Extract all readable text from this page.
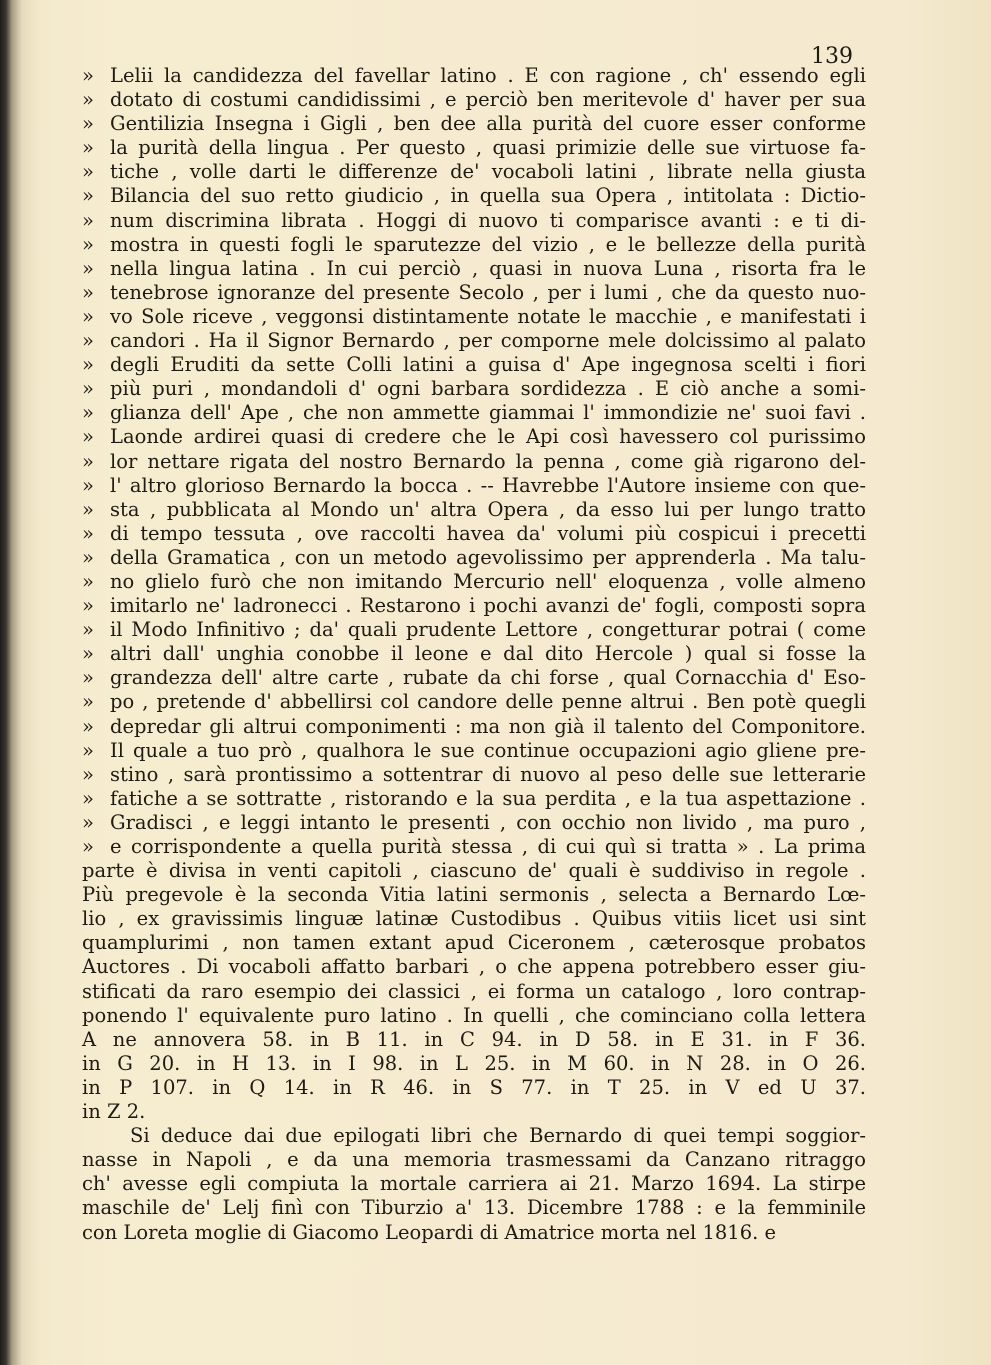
139
» Lelii la candidezza del favellar latino . E con ragione , ch' essendo egli
» dotato di costumi candidissimi , e perciò ben meritevole d' haver per sua
» Gentilizia Insegna i Gigli , ben dee alla purità del cuore esser conforme
» la purità della lingua . Per questo , quasi primizie delle sue virtuose fa-
» tiche , volle darti le differenze de' vocaboli latini , librate nella giusta
» Bilancia del suo retto giudicio , in quella sua Opera , intitolata : Dictio-
» num discrimina librata . Hoggi di nuovo ti comparisce avanti : e ti di-
» mostra in questi fogli le sparutezze del vizio , e le bellezze della purità
» nella lingua latina . In cui perciò , quasi in nuova Luna , risorta fra le
» tenebrose ignoranze del presente Secolo , per i lumi , che da questo nuo-
» vo Sole riceve , veggonsi distintamente notate le macchie , e manifestati i
» candori . Ha il Signor Bernardo , per comporne mele dolcissimo al palato
» degli Eruditi da sette Colli latini a guisa d' Ape ingegnosa scelti i fiori
» più puri , mondandoli d' ogni barbara sordidezza . E ciò anche a somi-
» glianza dell' Ape , che non ammette giammai l' immondizie ne' suoi favi .
» Laonde ardirei quasi di credere che le Api così havessero col purissimo
» lor nettare rigata del nostro Bernardo la penna , come già rigarono del-
» l' altro glorioso Bernardo la bocca . -- Havrebbe l'Autore insieme con que-
» sta , pubblicata al Mondo un' altra Opera , da esso lui per lungo tratto
» di tempo tessuta , ove raccolti havea da' volumi più cospicui i precetti
» della Gramatica , con un metodo agevolissimo per apprenderla . Ma talu-
» no glielo furò che non imitando Mercurio nell' eloquenza , volle almeno
» imitarlo ne' ladronecci . Restarono i pochi avanzi de' fogli, composti sopra
» il Modo Infinitivo ; da' quali prudente Lettore , congetturar potrai ( come
» altri dall' unghia conobbe il leone e dal dito Hercole ) qual si fosse la
» grandezza dell' altre carte , rubate da chi forse , qual Cornacchia d' Eso-
» po , pretende d' abbellirsi col candore delle penne altrui . Ben potè quegli
» depredar gli altrui componimenti : ma non già il talento del Componitore.
» Il quale a tuo prò , qualhora le sue continue occupazioni agio gliene pre-
» stino , sarà prontissimo a sottentrar di nuovo al peso delle sue letterarie
» fatiche a se sottratte , ristorando e la sua perdita , e la tua aspettazione .
» Gradisci , e leggi intanto le presenti , con occhio non livido , ma puro ,
» e corrispondente a quella purità stessa , di cui quì si tratta » . La prima
parte è divisa in venti capitoli , ciascuno de' quali è suddiviso in regole .
Più pregevole è la seconda Vitia latini sermonis , selecta a Bernardo Lœ-
lio , ex gravissimis linguæ latinæ Custodibus . Quibus vitiis licet usi sint
quamplurimi , non tamen extant apud Ciceronem , cæterosque probatos
Auctores . Di vocaboli affatto barbari , o che appena potrebbero esser giu-
stificati da raro esempio dei classici , ei forma un catalogo , loro contrap-
ponendo l' equivalente puro latino . In quelli , che cominciano colla lettera
A ne annovera 58. in B 11. in C 94. in D 58. in E 31. in F 36.
in G 20. in H 13. in I 98. in L 25. in M 60. in N 28. in O 26.
in P 107. in Q 14. in R 46. in S 77. in T 25. in V ed U 37.
in Z 2.
Si deduce dai due epilogati libri che Bernardo di quei tempi soggior-
nasse in Napoli , e da una memoria trasmessami da Canzano ritraggo
ch' avesse egli compiuta la mortale carriera ai 21. Marzo 1694. La stirpe
maschile de' Lelj finì con Tiburzio a' 13. Dicembre 1788 : e la femminile
con Loreta moglie di Giacomo Leopardi di Amatrice morta nel 1816. e
